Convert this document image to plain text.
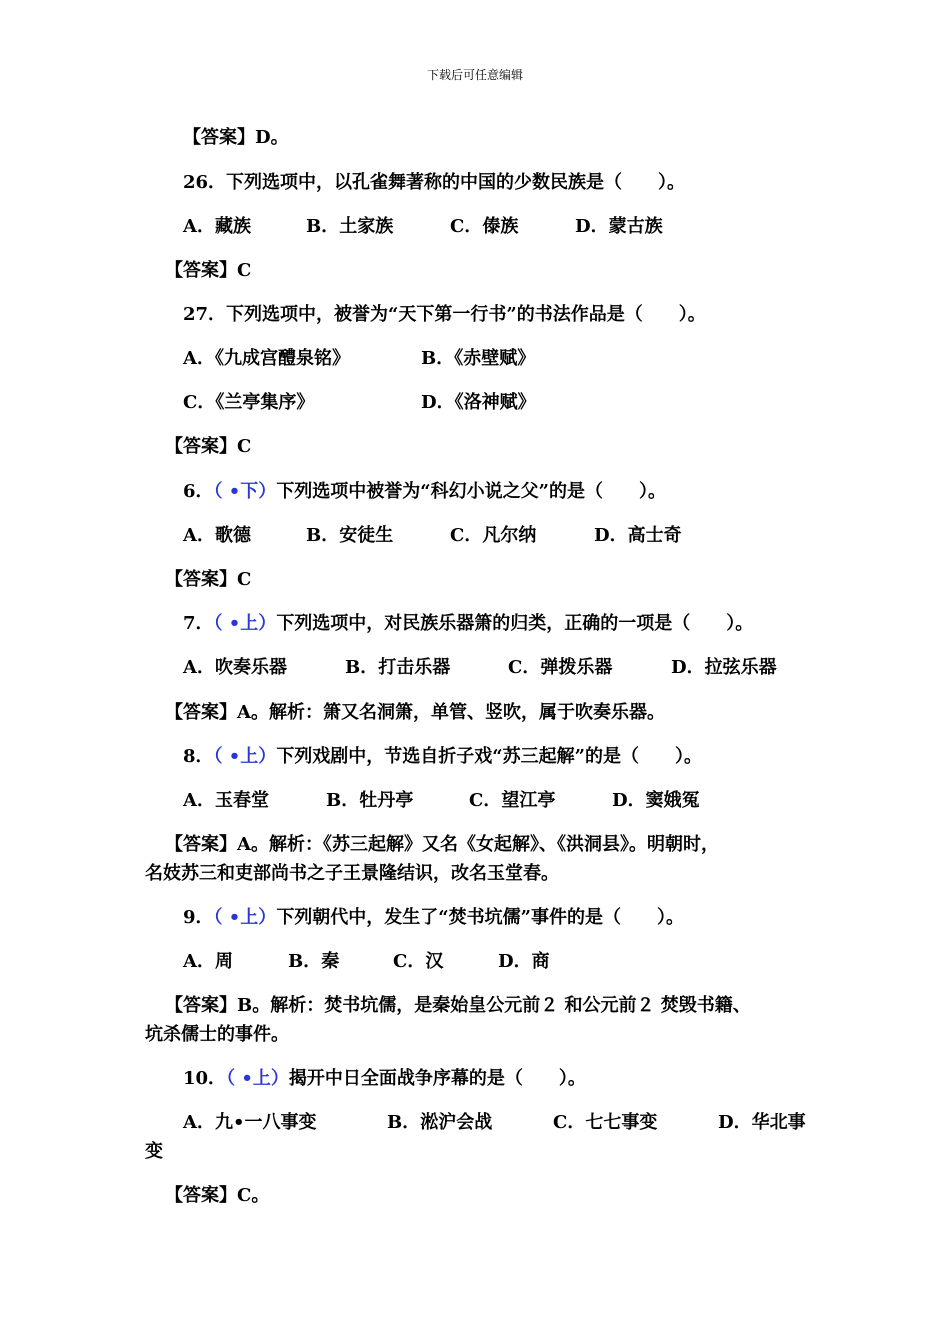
下载后可任意编辑
【答案】D。
26．下列选项中，以孔雀舞著称的中国的少数民族是（　　）。
A．藏族	B．土家族	C．傣族	D．蒙古族
【答案】C
27．下列选项中，被誉为“天下第一行书”的书法作品是（　　）。
A．《九成宫醴泉铭》	B．《赤壁赋》
C．《兰亭集序》	D．《洛神赋》
【答案】C
6．（ •下）下列选项中被誉为“科幻小说之父”的是（　　）。
A．歌德	B．安徒生	C．凡尔纳	D．高士奇
【答案】C
7．（ •上）下列选项中，对民族乐器箫的归类，正确的一项是（　　）。
A．吹奏乐器	B．打击乐器	C．弹拨乐器	D．拉弦乐器
【答案】A。解析：箫又名洞箫，单管、竖吹，属于吹奏乐器。
8．（ •上）下列戏剧中，节选自折子戏“苏三起解”的是（　　）。
A．玉春堂	B．牡丹亭	C．望江亭	D．窦娥冤
【答案】A。解析：《苏三起解》又名《女起解》、《洪洞县》。明朝时，
名妓苏三和吏部尚书之子王景隆结识，改名玉堂春。
9．（ •上）下列朝代中，发生了“焚书坑儒”事件的是（　　）。
A．周	B．秦	C．汉	D．商
【答案】B。解析：焚书坑儒，是秦始皇公元前２ 和公元前２ 焚毁书籍、
坑杀儒士的事件。
10．（ •上）揭开中日全面战争序幕的是（　　）。
A．九•一八事变	B．淞沪会战	C．七七事变	D．华北事
变
【答案】C。
